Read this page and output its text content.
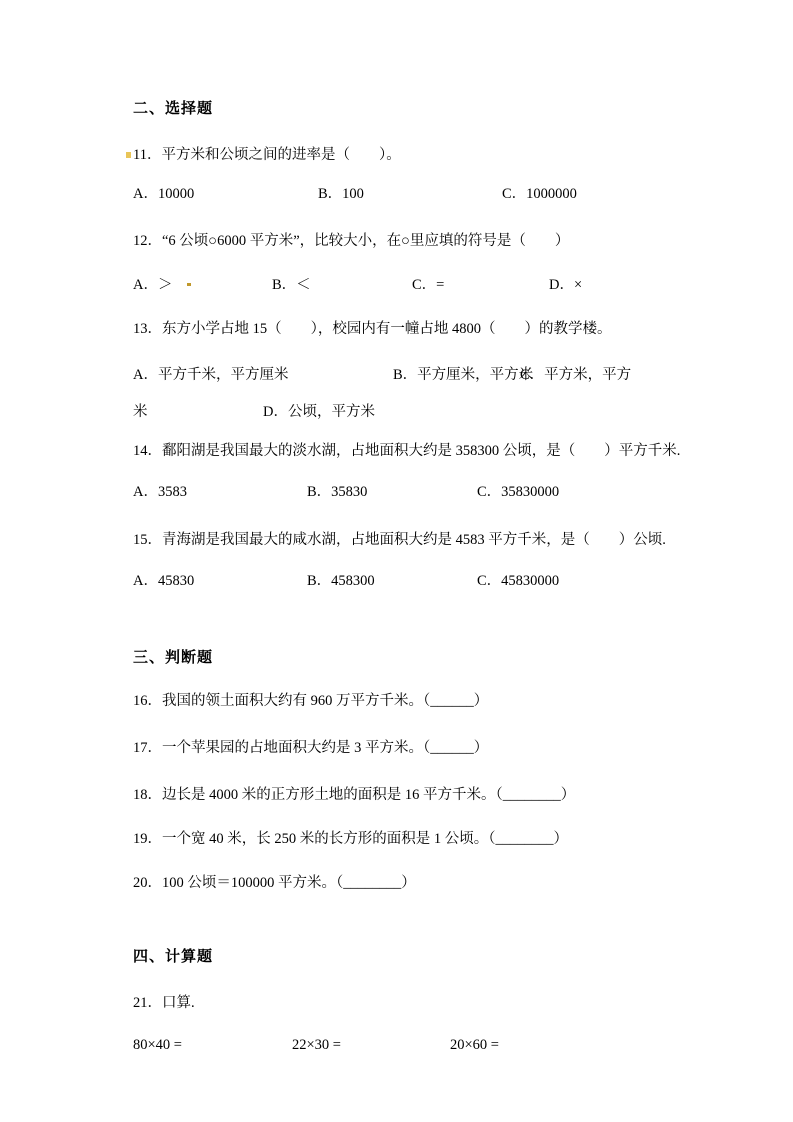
二、选择题
11．平方米和公顷之间的进率是（　　）。

A．10000

	B．100

	C．1000000

12．“6 公顷○6000 平方米”，比较大小，在○里应填的符号是（　　）

A．＞

	B．＜

	C．=

	D．×

13．东方小学占地 15（　　），校园内有一幢占地 4800（　　）的教学楼。

A．平方千米，平方厘米

	B．平方厘米，平方米

C．平方米，平方

米

	D．公顷，平方米

14．鄱阳湖是我国最大的淡水湖，占地面积大约是 358300 公顷，是（　　）平方千米.

A．3583

	B．35830

	C．35830000

15．青海湖是我国最大的咸水湖，占地面积大约是 4583 平方千米，是（　　）公顷.

A．45830

	B．458300

	C．45830000

三、判断题
16．我国的领土面积大约有 960 万平方千米。（______）
17．一个苹果园的占地面积大约是 3 平方米。（______）
18．边长是 4000 米的正方形土地的面积是 16 平方千米。（________）
19．一个宽 40 米，长 250 米的长方形的面积是 1 公顷。（________）
20．100 公顷＝100000 平方米。（________）
四、计算题
21．口算.

80×40 =

	22×30 =

	20×60 =
